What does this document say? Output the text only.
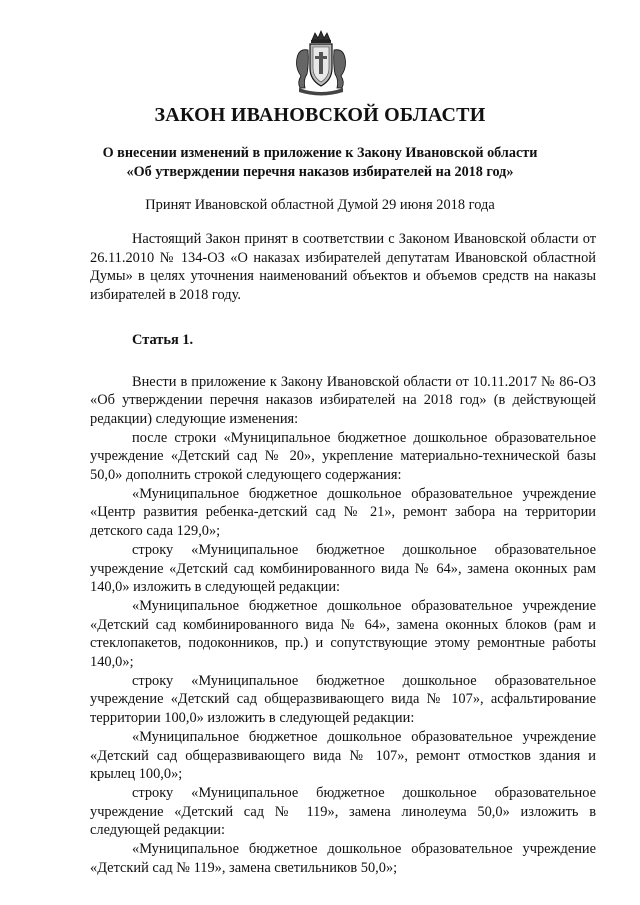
ЗАКОН ИВАНОВСКОЙ ОБЛАСТИ
О внесении изменений в приложение к Закону Ивановской области
«Об утверждении перечня наказов избирателей на 2018 год»
Принят Ивановской областной Думой 29 июня 2018 года

Настоящий Закон принят в соответствии с Законом Ивановской области от 26.11.2010 № 134-ОЗ «О наказах избирателей депутатам Ивановской областной Думы» в целях уточнения наименований объектов и объемов средств на наказы избирателей в 2018 году.

Статья 1.

Внести в приложение к Закону Ивановской области от 10.11.2017 № 86-ОЗ «Об утверждении перечня наказов избирателей на 2018 год» (в действующей редакции) следующие изменения:

после строки «Муниципальное бюджетное дошкольное образовательное учреждение «Детский сад № 20», укрепление материально-технической базы 50,0» дополнить строкой следующего содержания:

«Муниципальное бюджетное дошкольное образовательное учреждение «Центр развития ребенка-детский сад № 21», ремонт забора на территории детского сада 129,0»;

строку «Муниципальное бюджетное дошкольное образовательное учреждение «Детский сад комбинированного вида № 64», замена оконных рам 140,0» изложить в следующей редакции:

«Муниципальное бюджетное дошкольное образовательное учреждение «Детский сад комбинированного вида № 64», замена оконных блоков (рам и стеклопакетов, подоконников, пр.) и сопутствующие этому ремонтные работы 140,0»;

строку «Муниципальное бюджетное дошкольное образовательное учреждение «Детский сад общеразвивающего вида № 107», асфальтирование территории 100,0» изложить в следующей редакции:

«Муниципальное бюджетное дошкольное образовательное учреждение «Детский сад общеразвивающего вида № 107», ремонт отмостков здания и крылец 100,0»;

строку «Муниципальное бюджетное дошкольное образовательное учреждение «Детский сад № 119», замена линолеума 50,0» изложить в следующей редакции:

«Муниципальное бюджетное дошкольное образовательное учреждение «Детский сад № 119», замена светильников 50,0»;
